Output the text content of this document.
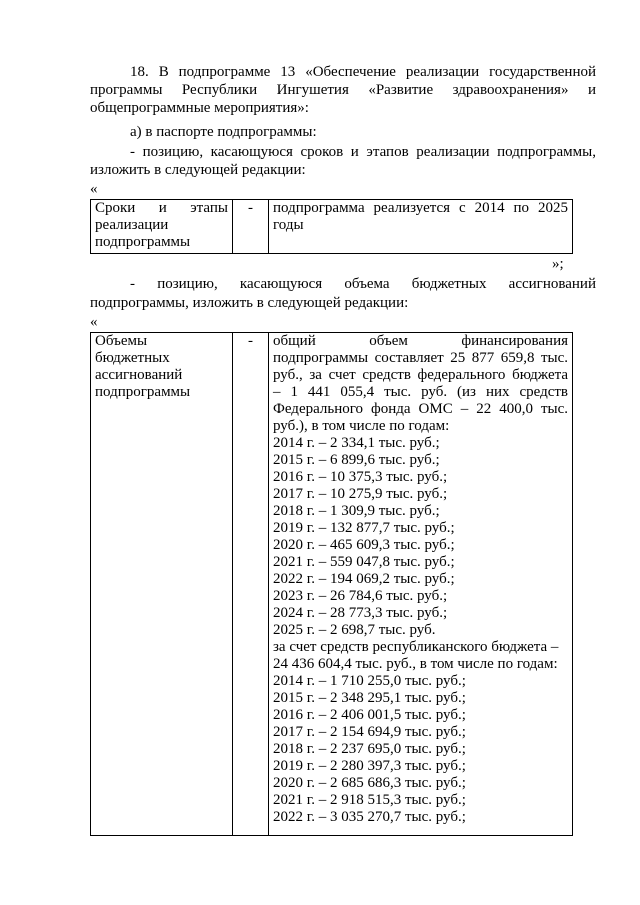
18. В подпрограмме 13 «Обеспечение реализации государственной
программы Республики Ингушетия «Развитие здравоохранения» и
общепрограммные мероприятия»:
а) в паспорте подпрограммы:
- позицию, касающуюся сроков и этапов реализации подпрограммы,
изложить в следующей редакции:
«
Сроки и этапы
реализации
подпрограммы
	-	подпрограмма реализуется с 2014 по 2025
годы
»;
- позицию, касающуюся объема бюджетных ассигнований
подпрограммы, изложить в следующей редакции:
«
Объемы
бюджетных
ассигнований
подпрограммы
	-	общий	объем	финансирования
подпрограммы составляет 25 877 659,8 тыс.
руб., за счет средств федерального бюджета
– 1 441 055,4 тыс. руб. (из них средств
Федерального фонда ОМС – 22 400,0 тыс.
руб.), в том числе по годам:
2014 г. – 2 334,1 тыс. руб.;
2015 г. – 6 899,6 тыс. руб.;
2016 г. – 10 375,3 тыс. руб.;
2017 г. – 10 275,9 тыс. руб.;
2018 г. – 1 309,9 тыс. руб.;
2019 г. – 132 877,7 тыс. руб.;
2020 г. – 465 609,3 тыс. руб.;
2021 г. – 559 047,8 тыс. руб.;
2022 г. – 194 069,2 тыс. руб.;
2023 г. – 26 784,6 тыс. руб.;
2024 г. – 28 773,3 тыс. руб.;
2025 г. – 2 698,7 тыс. руб.
за счет средств республиканского бюджета –
24 436 604,4 тыс. руб., в том числе по годам:
2014 г. – 1 710 255,0 тыс. руб.;
2015 г. – 2 348 295,1 тыс. руб.;
2016 г. – 2 406 001,5 тыс. руб.;
2017 г. – 2 154 694,9 тыс. руб.;
2018 г. – 2 237 695,0 тыс. руб.;
2019 г. – 2 280 397,3 тыс. руб.;
2020 г. – 2 685 686,3 тыс. руб.;
2021 г. – 2 918 515,3 тыс. руб.;
2022 г. – 3 035 270,7 тыс. руб.;
